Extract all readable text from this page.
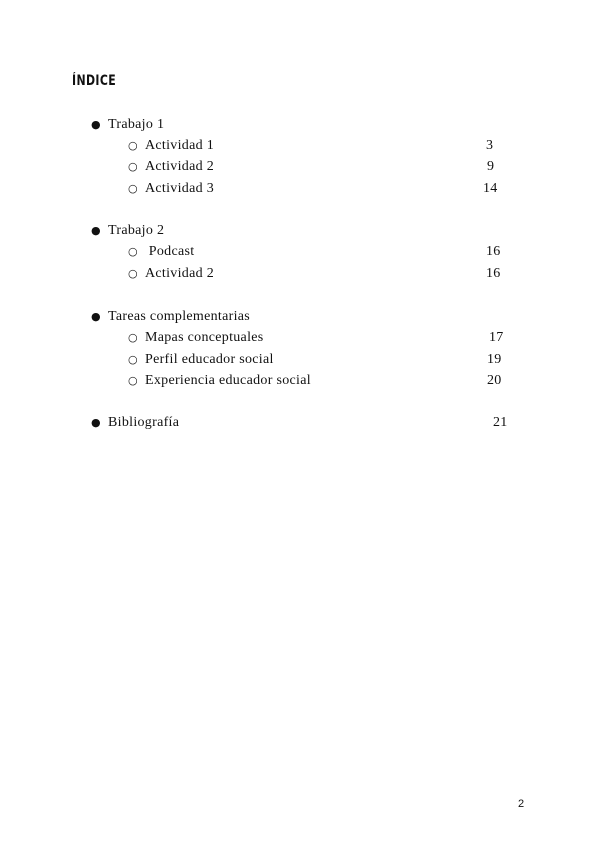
ÍNDICE
● Trabajo 1
○ Actividad 1	3
○ Actividad 2	9
○ Actividad 3	14
● Trabajo 2
○ Podcast	16
○ Actividad 2	16
● Tareas complementarias
○ Mapas conceptuales	17
○ Perfil educador social	19
○ Experiencia educador social	20
● Bibliografía	21
2
